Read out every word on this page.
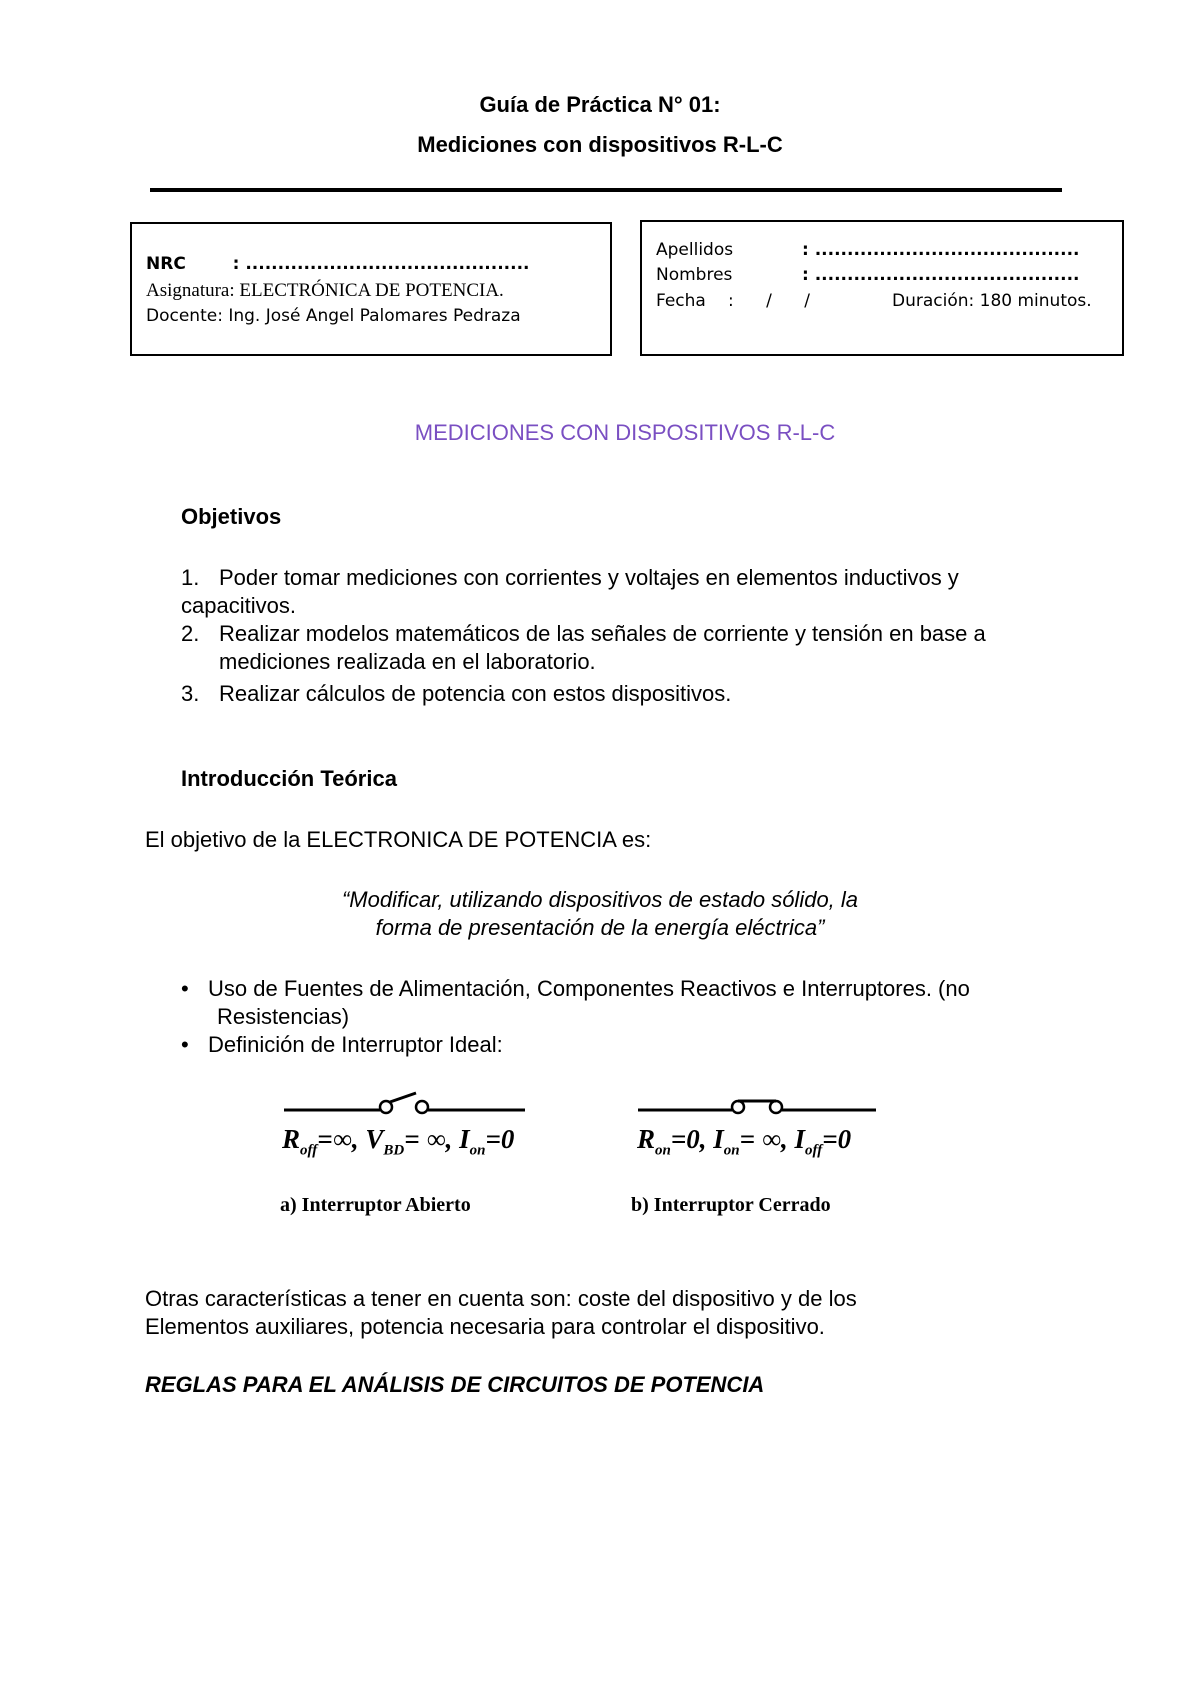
Guía de Práctica N° 01:
Mediciones con dispositivos R-L-C
NRC	: ............................................
Asignatura: ELECTRÓNICA DE POTENCIA.
Docente: Ing. José Angel Palomares Pedraza
Apellidos	: .........................................
Nombres	: .........................................
Fecha :      /      /	Duración: 180 minutos.
MEDICIONES CON DISPOSITIVOS R-L-C
Objetivos
1. Poder tomar mediciones con corrientes y voltajes en elementos inductivos y
capacitivos.
2. Realizar modelos matemáticos de las señales de corriente y tensión en base a
mediciones realizada en el laboratorio.
3. Realizar cálculos de potencia con estos dispositivos.
Introducción Teórica
El objetivo de la ELECTRONICA DE POTENCIA es:
“Modificar, utilizando dispositivos de estado sólido, la
forma de presentación de la energía eléctrica”
• Uso de Fuentes de Alimentación, Componentes Reactivos e Interruptores. (no
Resistencias)
• Definición de Interruptor Ideal:
$R_{off}=\infty$, $V_{BD}=$ ∞, $I_{on}=0$	$R_{on}=0$, $I_{on}=$ ∞, $I_{off}=0$
a) Interruptor Abierto	b) Interruptor Cerrado
Otras características a tener en cuenta son: coste del dispositivo y de los
Elementos auxiliares, potencia necesaria para controlar el dispositivo.
REGLAS PARA EL ANÁLISIS DE CIRCUITOS DE POTENCIA
